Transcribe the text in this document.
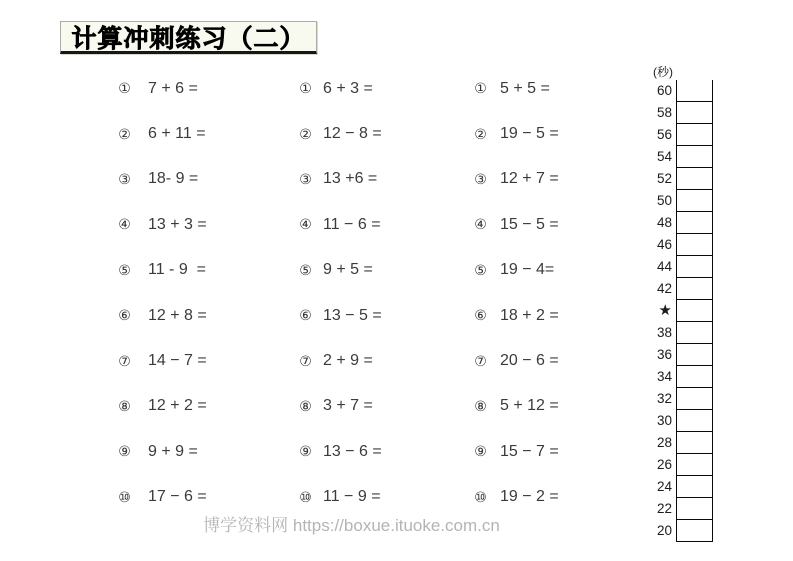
计算冲刺练习（二）
① 7 + 6 =
② 6 + 11 =
③ 18- 9 =
④ 13 + 3 =
⑤ 11 - 9  =
⑥ 12 + 8 =
⑦ 14 − 7 =
⑧ 12 + 2 =
⑨ 9 + 9 =
⑩ 17 − 6 =
① 6 + 3 =
② 12 − 8 =
③ 13 +6 =
④ 11 − 6 =
⑤ 9 + 5 =
⑥ 13 − 5 =
⑦ 2 + 9 =
⑧ 3 + 7 =
⑨ 13 − 6 =
⑩ 11 − 9 =
① 5 + 5 =
② 19 − 5 =
③ 12 + 7 =
④ 15 − 5 =
⑤ 19 − 4=
⑥ 18 + 2 =
⑦ 20 − 6 =
⑧ 5 + 12 =
⑨ 15 − 7 =
⑩ 19 − 2 =
(秒)
60
58
56
54
52
50
48
46
44
42
★
38
36
34
32
30
28
26
24
22
20
博学资料网 https://boxue.ituoke.com.cn
